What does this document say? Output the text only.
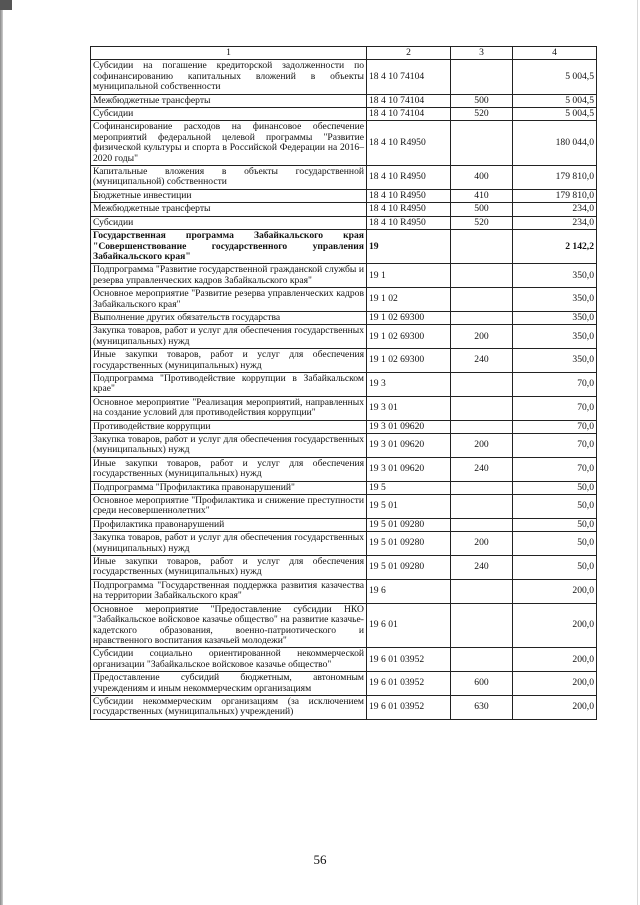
1	2	3	4
Субсидии на погашение кредиторской задолженности по софинансированию капитальных вложений в объекты муниципальной собственности	18 4 10 74104		5 004,5
Межбюджетные трансферты	18 4 10 74104	500	5 004,5
Субсидии	18 4 10 74104	520	5 004,5
Софинансирование расходов на финансовое обеспечение мероприятий федеральной целевой программы "Развитие физической культуры и спорта в Российской Федерации на 2016–2020 годы"	18 4 10 R4950		180 044,0
Капитальные вложения в объекты государственной (муниципальной) собственности	18 4 10 R4950	400	179 810,0
Бюджетные инвестиции	18 4 10 R4950	410	179 810,0
Межбюджетные трансферты	18 4 10 R4950	500	234,0
Субсидии	18 4 10 R4950	520	234,0
Государственная программа Забайкальского края "Совершенствование государственного управления Забайкальского края"	19		2 142,2
Подпрограмма "Развитие государственной гражданской службы и резерва управленческих кадров Забайкальского края"	19 1		350,0
Основное мероприятие "Развитие резерва управленческих кадров Забайкальского края"	19 1 02		350,0
Выполнение других обязательств государства	19 1 02 69300		350,0
Закупка товаров, работ и услуг для обеспечения государственных (муниципальных) нужд	19 1 02 69300	200	350,0
Иные закупки товаров, работ и услуг для обеспечения государственных (муниципальных) нужд	19 1 02 69300	240	350,0
Подпрограмма "Противодействие коррупции в Забайкальском крае"	19 3		70,0
Основное мероприятие "Реализация мероприятий, направленных на создание условий для противодействия коррупции"	19 3 01		70,0
Противодействие коррупции	19 3 01 09620		70,0
Закупка товаров, работ и услуг для обеспечения государственных (муниципальных) нужд	19 3 01 09620	200	70,0
Иные закупки товаров, работ и услуг для обеспечения государственных (муниципальных) нужд	19 3 01 09620	240	70,0
Подпрограмма "Профилактика правонарушений"	19 5		50,0
Основное мероприятие "Профилактика и снижение преступности среди несовершеннолетних"	19 5 01		50,0
Профилактика правонарушений	19 5 01 09280		50,0
Закупка товаров, работ и услуг для обеспечения государственных (муниципальных) нужд	19 5 01 09280	200	50,0
Иные закупки товаров, работ и услуг для обеспечения государственных (муниципальных) нужд	19 5 01 09280	240	50,0
Подпрограмма "Государственная поддержка развития казачества на территории Забайкальского края"	19 6		200,0
Основное мероприятие "Предоставление субсидии НКО "Забайкальское войсковое казачье общество" на развитие казачье-кадетского образования, военно-патриотического и нравственного воспитания казачьей молодежи"	19 6 01		200,0
Субсидии социально ориентированной некоммерческой организации "Забайкальское войсковое казачье общество"	19 6 01 03952		200,0
Предоставление субсидий бюджетным, автономным учреждениям и иным некоммерческим организациям	19 6 01 03952	600	200,0
Субсидии некоммерческим организациям (за исключением государственных (муниципальных) учреждений)	19 6 01 03952	630	200,0
56
